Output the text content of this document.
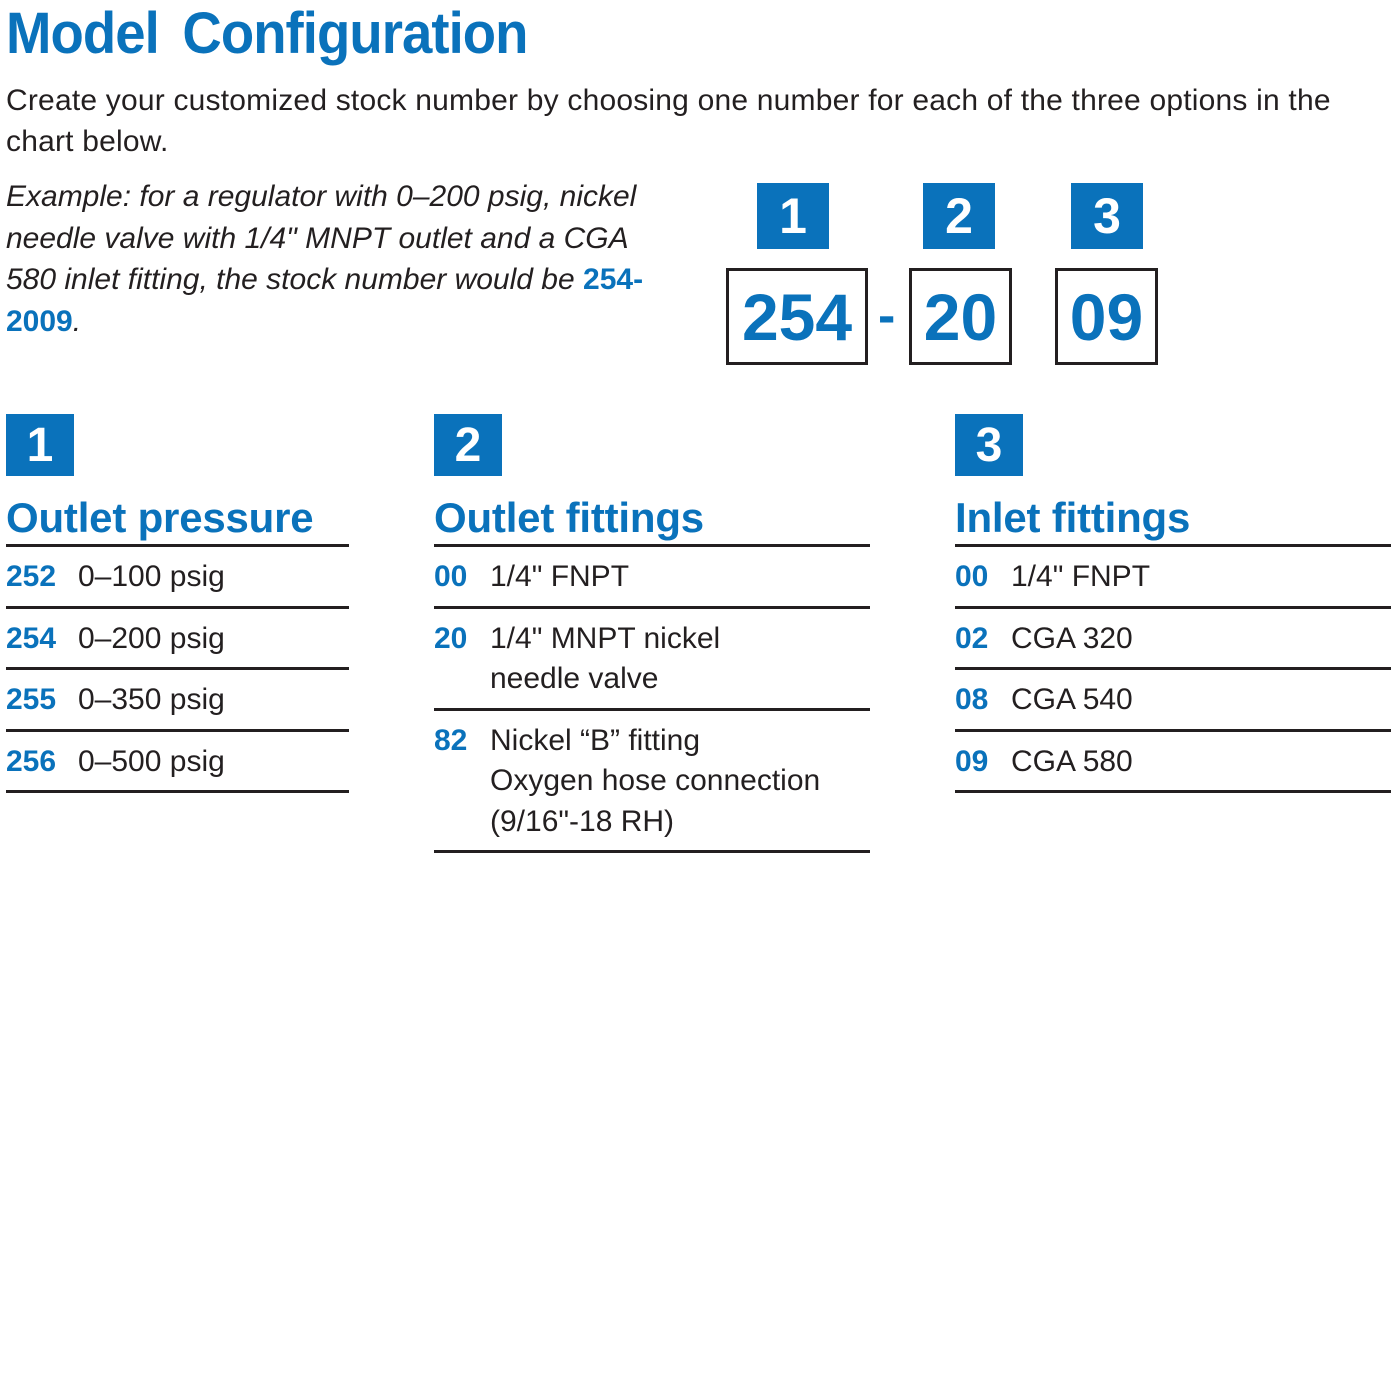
Model Configuration

Create your customized stock number by choosing one number for each of the three options in the chart below.

Example: for a regulator with 0–200 psig, nickel needle valve with 1/4" MNPT outlet and a CGA 580 inlet fitting, the stock number would be 254-2009.

1	2	3
254 - 20 09
1
Outlet pressure
252 0–100 psig
254 0–200 psig
255 0–350 psig
256 0–500 psig
2
Outlet fittings
00 1/4" FNPT
20 1/4" MNPT nickel
needle valve
82 Nickel “B” fitting
Oxygen hose connection
(9/16"-18 RH)
3
Inlet fittings
00 1/4" FNPT
02 CGA 320
08 CGA 540
09 CGA 580
